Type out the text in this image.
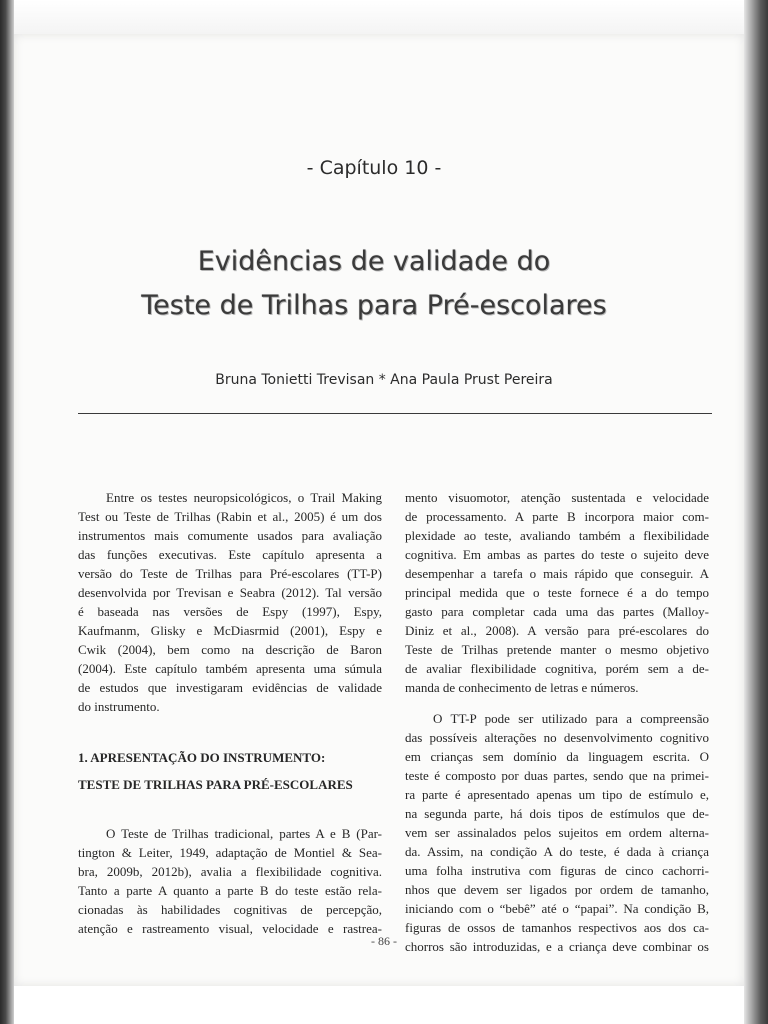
- Capítulo 10 -
Evidências de validade do
Teste de Trilhas para Pré-escolares
Bruna Tonietti Trevisan * Ana Paula Prust Pereira
Entre os testes neuropsicológicos, o Trail Making
Test ou Teste de Trilhas (Rabin et al., 2005) é um dos
instrumentos mais comumente usados para avaliação
das funções executivas. Este capítulo apresenta a
versão do Teste de Trilhas para Pré-escolares (TT-P)
desenvolvida por Trevisan e Seabra (2012). Tal versão
é baseada nas versões de Espy (1997), Espy,
Kaufmanm, Glisky e McDiasrmid (2001), Espy e
Cwik (2004), bem como na descrição de Baron
(2004). Este capítulo também apresenta uma súmula
de estudos que investigaram evidências de validade
do instrumento.
1. APRESENTAÇÃO DO INSTRUMENTO:
TESTE DE TRILHAS PARA PRÉ-ESCOLARES
O Teste de Trilhas tradicional, partes A e B (Par-
tington & Leiter, 1949, adaptação de Montiel & Sea-
bra, 2009b, 2012b), avalia a flexibilidade cognitiva.
Tanto a parte A quanto a parte B do teste estão rela-
cionadas às habilidades cognitivas de percepção,
atenção e rastreamento visual, velocidade e rastrea-
mento visuomotor, atenção sustentada e velocidade
de processamento. A parte B incorpora maior com-
plexidade ao teste, avaliando também a flexibilidade
cognitiva. Em ambas as partes do teste o sujeito deve
desempenhar a tarefa o mais rápido que conseguir. A
principal medida que o teste fornece é a do tempo
gasto para completar cada uma das partes (Malloy-
Diniz et al., 2008). A versão para pré-escolares do
Teste de Trilhas pretende manter o mesmo objetivo
de avaliar flexibilidade cognitiva, porém sem a de-
manda de conhecimento de letras e números.
O TT-P pode ser utilizado para a compreensão
das possíveis alterações no desenvolvimento cognitivo
em crianças sem domínio da linguagem escrita. O
teste é composto por duas partes, sendo que na primei-
ra parte é apresentado apenas um tipo de estímulo e,
na segunda parte, há dois tipos de estímulos que de-
vem ser assinalados pelos sujeitos em ordem alterna-
da. Assim, na condição A do teste, é dada à criança
uma folha instrutiva com figuras de cinco cachorri-
nhos que devem ser ligados por ordem de tamanho,
iniciando com o “bebê” até o “papai”. Na condição B,
figuras de ossos de tamanhos respectivos aos dos ca-
chorros são introduzidas, e a criança deve combinar os
- 86 -
